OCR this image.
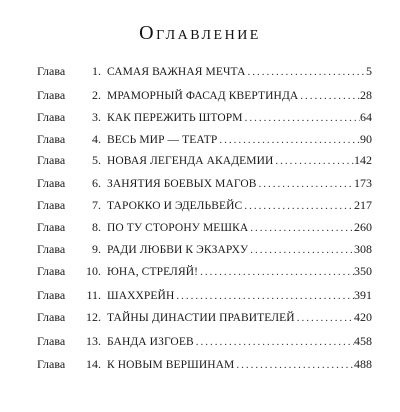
Оглавление
Глава	1 . САМАЯ ВАЖНАЯ МЕЧТА .....	5
Глава	2 . МРАМОРНЫЙ ФАСАД КВЕРТИНДА .....	28
Глава	3 . КАК ПЕРЕЖИТЬ ШТОРМ .....	64
Глава	4 . ВЕСЬ МИР — ТЕАТР .....	90
Глава	5 . НОВАЯ ЛЕГЕНДА АКАДЕМИИ .....	142
Глава	6 . ЗАНЯТИЯ БОЕВЫХ МАГОВ .....	173
Глава	7 . ТАРОККО И ЭДЕЛЬВЕЙС .....	217
Глава	8 . ПО ТУ СТОРОНУ МЕШКА .....	260
Глава	9 . РАДИ ЛЮБВИ К ЭКЗАРХУ .....	308
Глава	10 . ЮНА, СТРЕЛЯЙ! .....	350
Глава	11 . ШАХХРЕЙН .....	391
Глава	12 . ТАЙНЫ ДИНАСТИИ ПРАВИТЕЛЕЙ .....	420
Глава	13 . БАНДА ИЗГОЕВ .....	458
Глава	14 . К НОВЫМ ВЕРШИНАМ .....	488
